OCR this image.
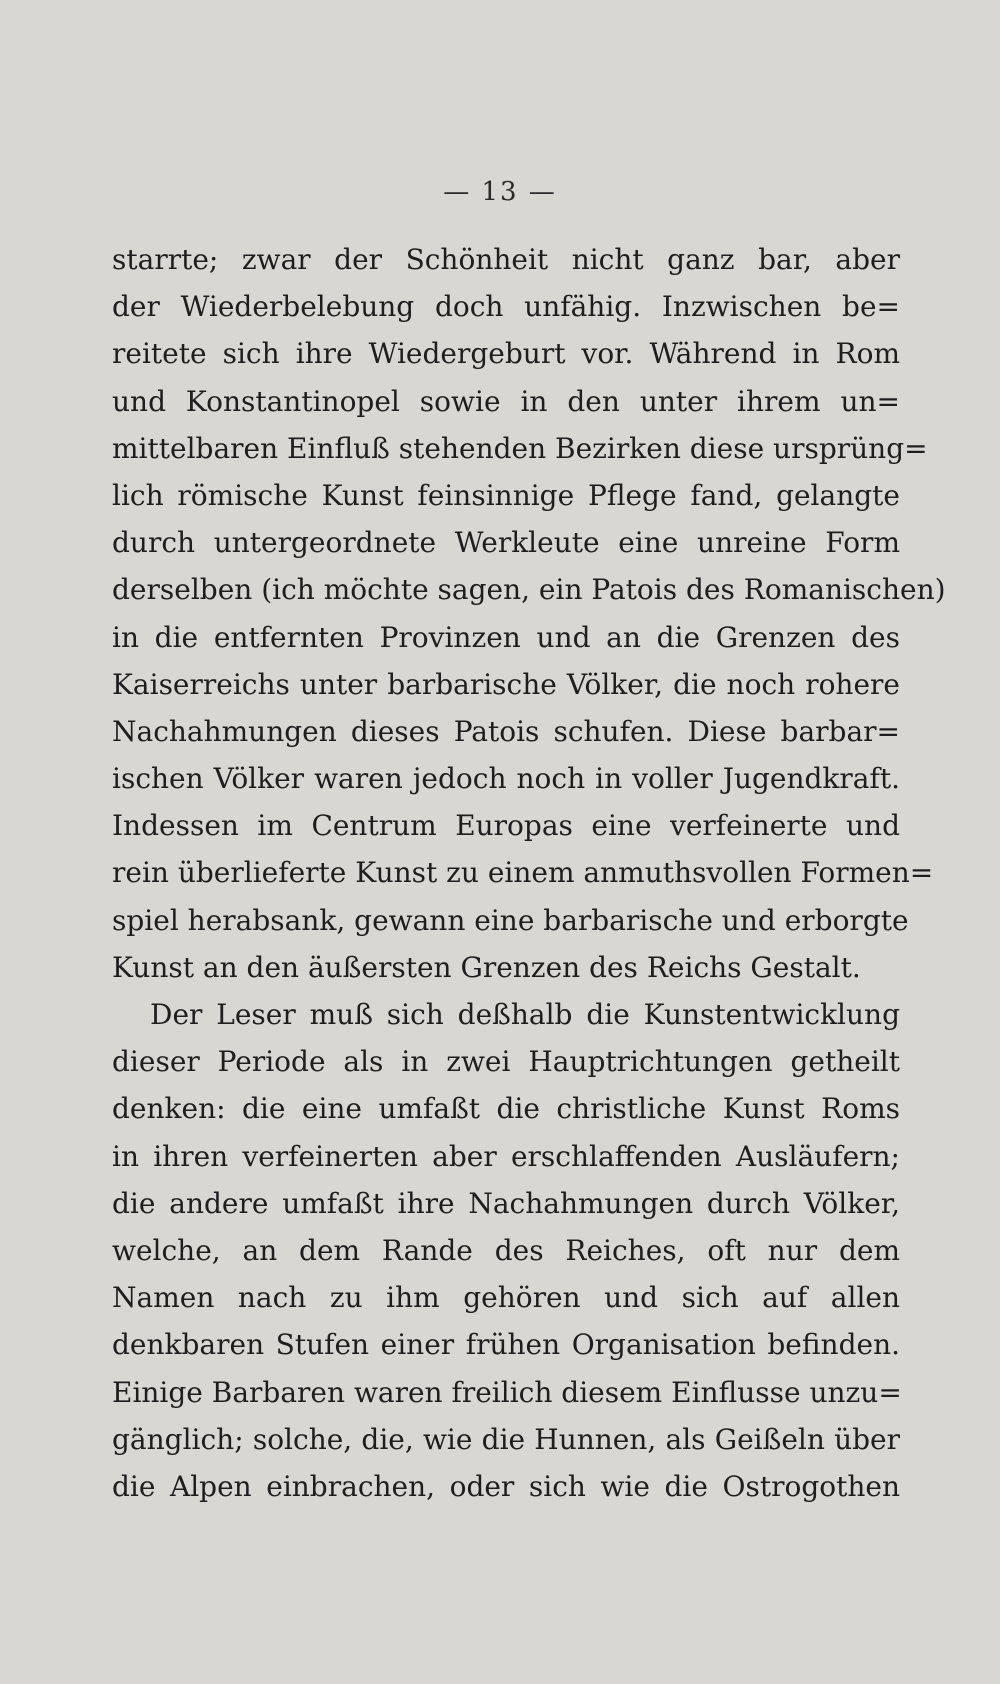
— 13 —
starrte; zwar der Schönheit nicht ganz bar, aber
der Wiederbelebung doch unfähig. Inzwischen be=
reitete sich ihre Wiedergeburt vor. Während in Rom
und Konstantinopel sowie in den unter ihrem un=
mittelbaren Einfluß stehenden Bezirken diese ursprüng=
lich römische Kunst feinsinnige Pflege fand, gelangte
durch untergeordnete Werkleute eine unreine Form
derselben (ich möchte sagen, ein Patois des Romanischen)
in die entfernten Provinzen und an die Grenzen des
Kaiserreichs unter barbarische Völker, die noch rohere
Nachahmungen dieses Patois schufen. Diese barbar=
ischen Völker waren jedoch noch in voller Jugendkraft.
Indessen im Centrum Europas eine verfeinerte und
rein überlieferte Kunst zu einem anmuthsvollen Formen=
spiel herabsank, gewann eine barbarische und erborgte
Kunst an den äußersten Grenzen des Reichs Gestalt.
Der Leser muß sich deßhalb die Kunstentwicklung
dieser Periode als in zwei Hauptrichtungen getheilt
denken: die eine umfaßt die christliche Kunst Roms
in ihren verfeinerten aber erschlaffenden Ausläufern;
die andere umfaßt ihre Nachahmungen durch Völker,
welche, an dem Rande des Reiches, oft nur dem
Namen nach zu ihm gehören und sich auf allen
denkbaren Stufen einer frühen Organisation befinden.
Einige Barbaren waren freilich diesem Einflusse unzu=
gänglich; solche, die, wie die Hunnen, als Geißeln über
die Alpen einbrachen, oder sich wie die Ostrogothen
